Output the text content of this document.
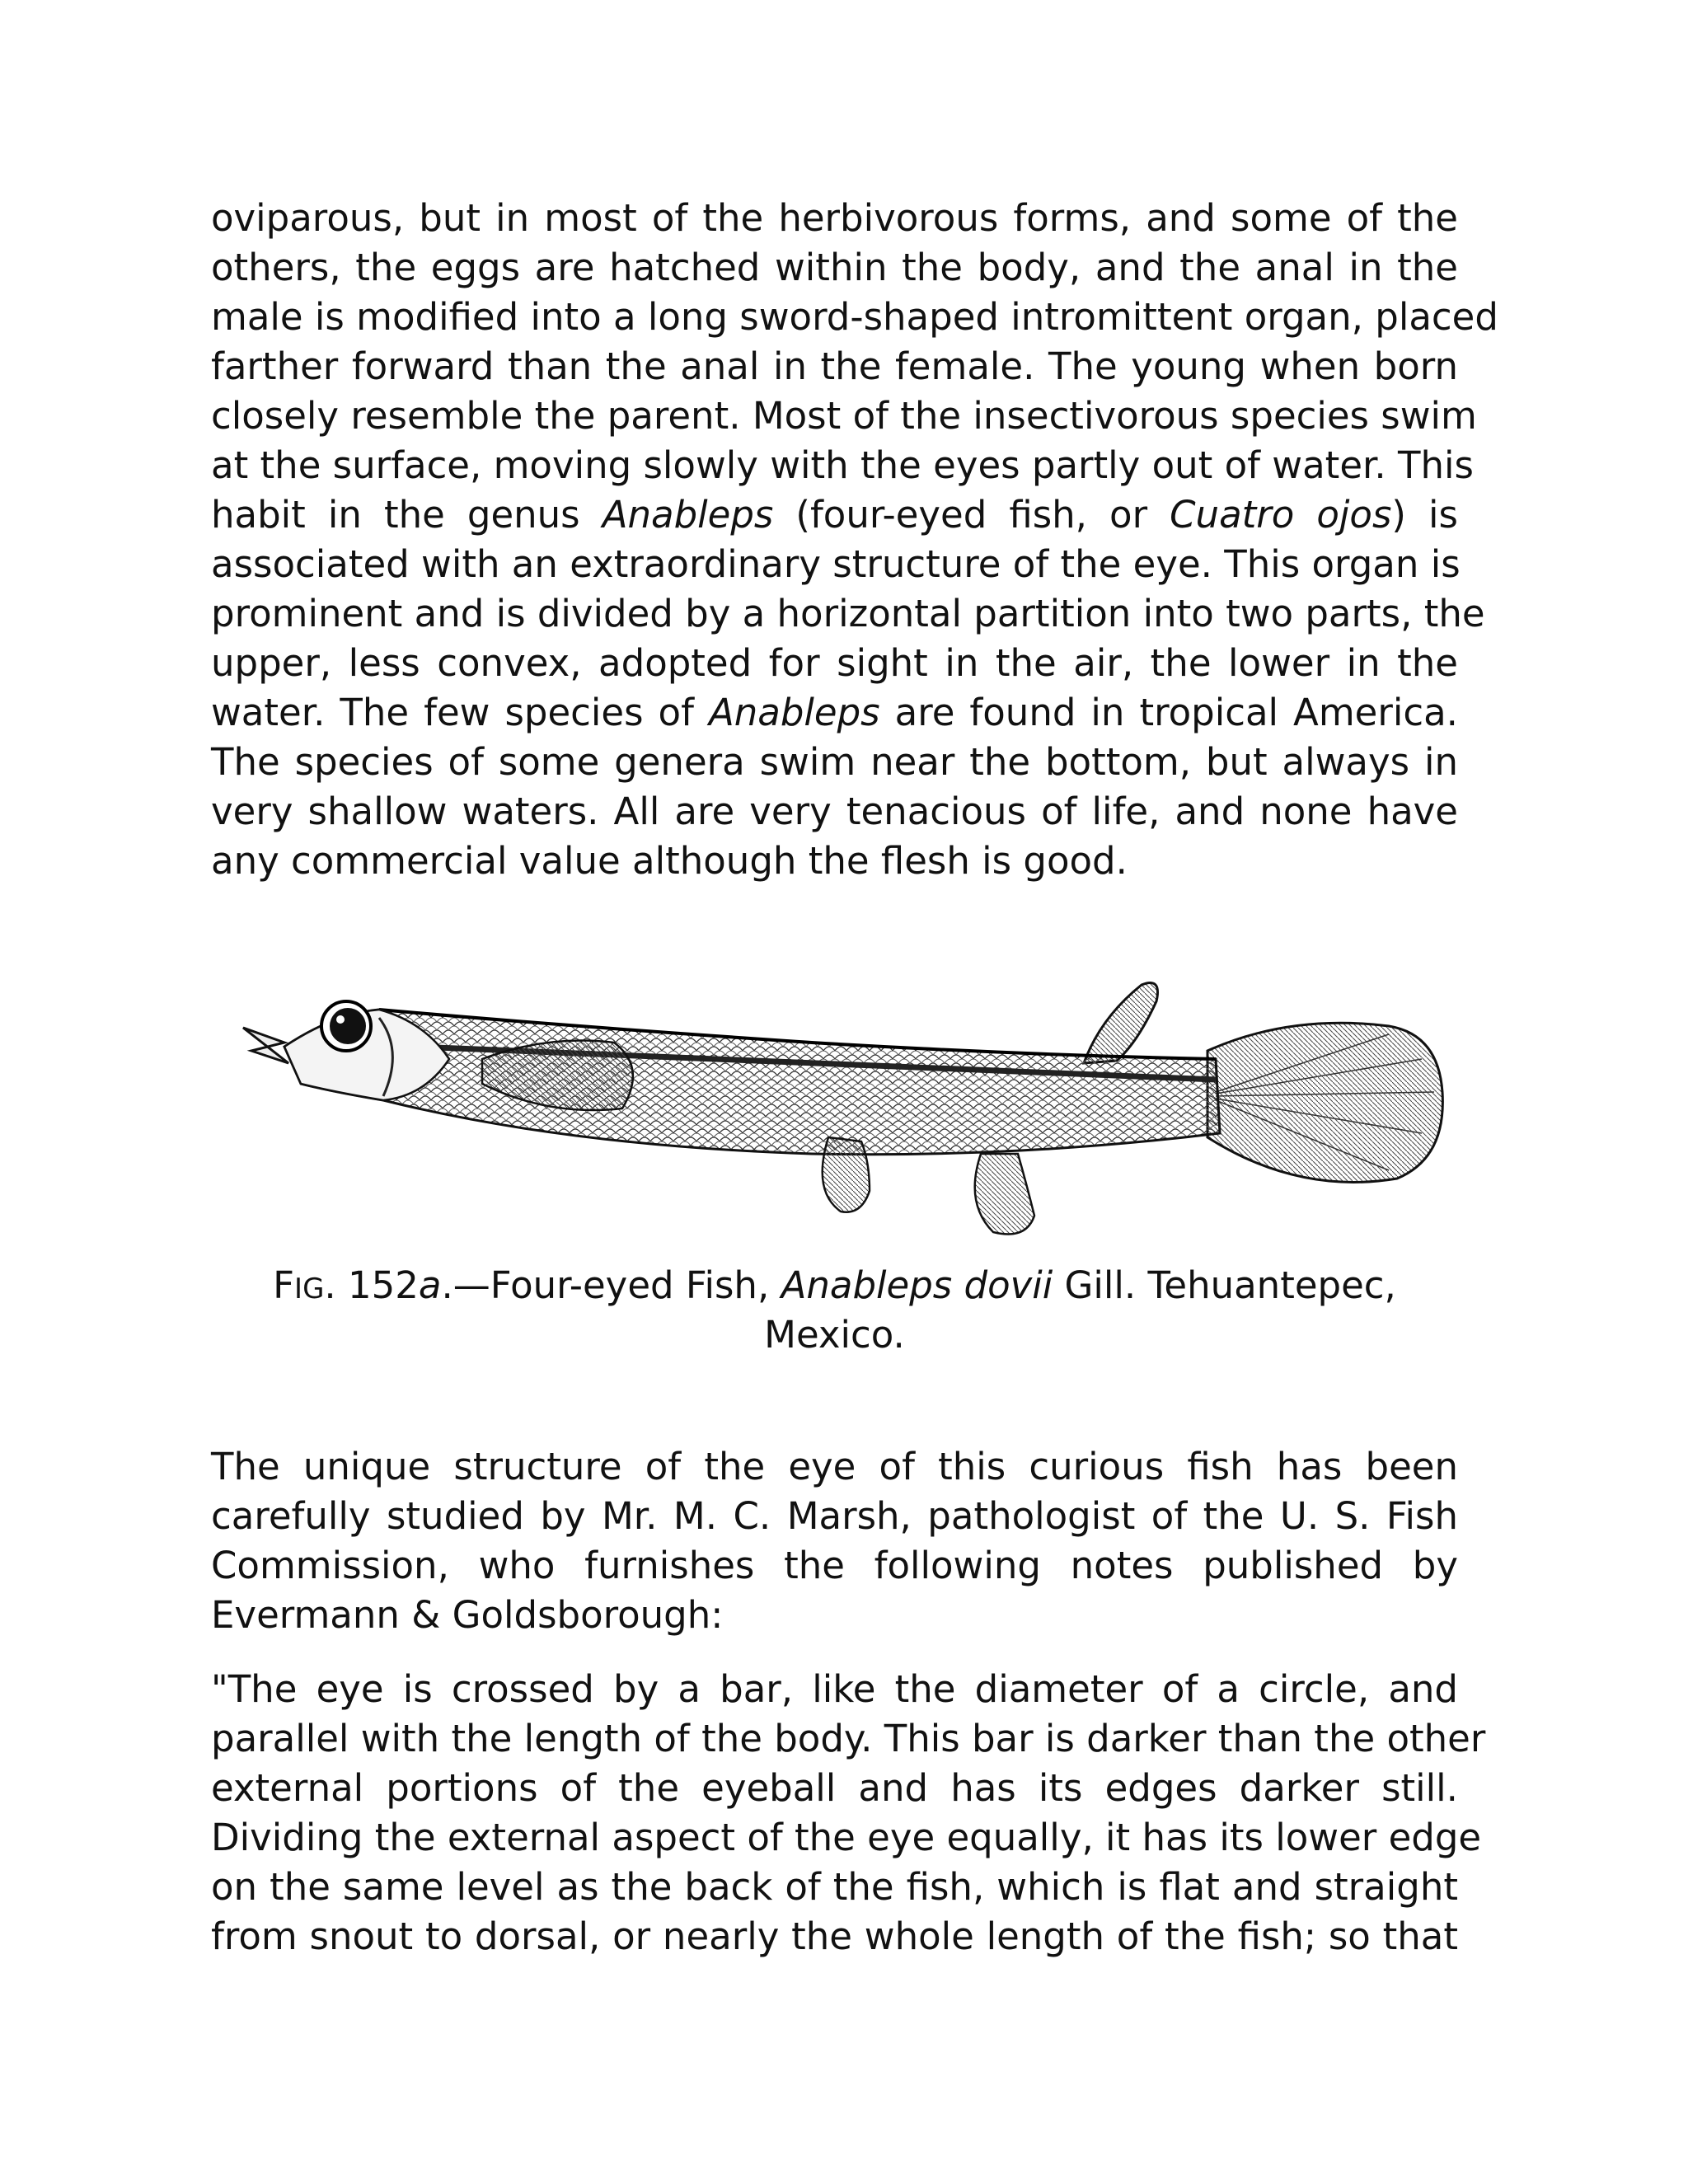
oviparous, but in most of the herbivorous forms, and some of the
others, the eggs are hatched within the body, and the anal in the
male is modified into a long sword-shaped intromittent organ, placed
farther forward than the anal in the female. The young when born
closely resemble the parent. Most of the insectivorous species swim
at the surface, moving slowly with the eyes partly out of water. This
habit in the genus Anableps (four-eyed fish, or Cuatro ojos) is
associated with an extraordinary structure of the eye. This organ is
prominent and is divided by a horizontal partition into two parts, the
upper, less convex, adopted for sight in the air, the lower in the
water. The few species of Anableps are found in tropical America.
The species of some genera swim near the bottom, but always in
very shallow waters. All are very tenacious of life, and none have
any commercial value although the flesh is good.
FIG. 152a.—Four-eyed Fish, Anableps dovii Gill. Tehuantepec,
Mexico.
The unique structure of the eye of this curious fish has been
carefully studied by Mr. M. C. Marsh, pathologist of the U. S. Fish
Commission, who furnishes the following notes published by
Evermann & Goldsborough:
"The eye is crossed by a bar, like the diameter of a circle, and
parallel with the length of the body. This bar is darker than the other
external portions of the eyeball and has its edges darker still.
Dividing the external aspect of the eye equally, it has its lower edge
on the same level as the back of the fish, which is flat and straight
from snout to dorsal, or nearly the whole length of the fish; so that
